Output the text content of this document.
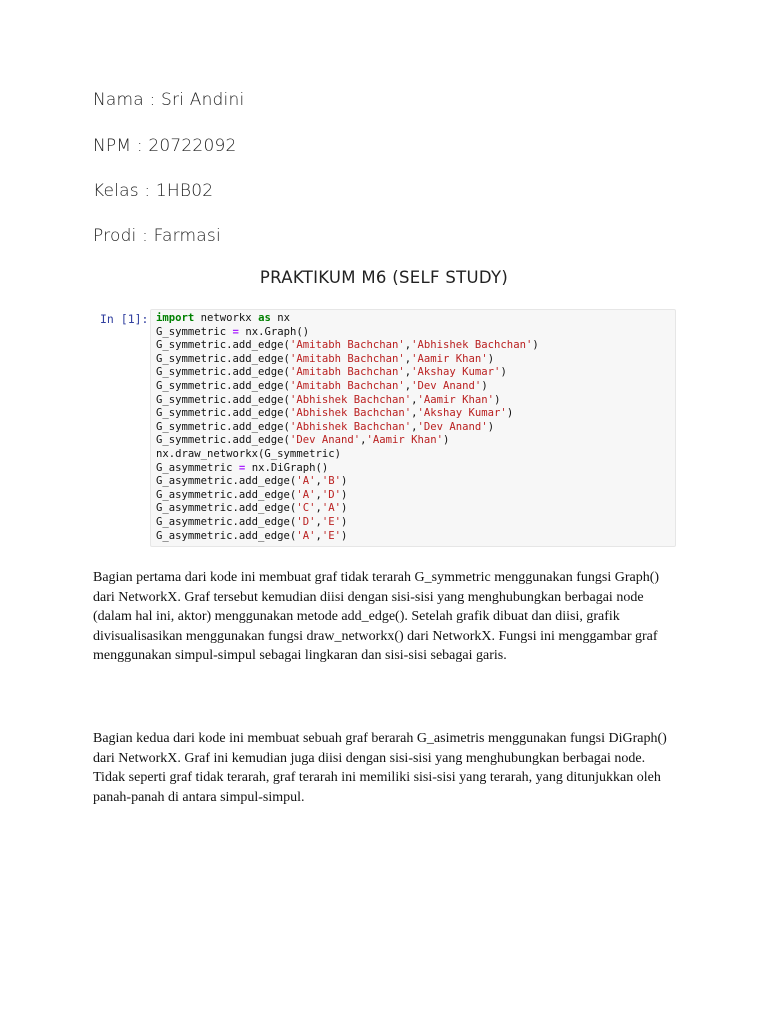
Nama : Sri Andini
NPM : 20722092
Kelas : 1HB02
Prodi : Farmasi
PRAKTIKUM M6 (SELF STUDY)
In [1]: import networkx as nx
G_symmetric = nx.Graph()
G_symmetric.add_edge('Amitabh Bachchan','Abhishek Bachchan')
G_symmetric.add_edge('Amitabh Bachchan','Aamir Khan')
G_symmetric.add_edge('Amitabh Bachchan','Akshay Kumar')
G_symmetric.add_edge('Amitabh Bachchan','Dev Anand')
G_symmetric.add_edge('Abhishek Bachchan','Aamir Khan')
G_symmetric.add_edge('Abhishek Bachchan','Akshay Kumar')
G_symmetric.add_edge('Abhishek Bachchan','Dev Anand')
G_symmetric.add_edge('Dev Anand','Aamir Khan')
nx.draw_networkx(G_symmetric)
G_asymmetric = nx.DiGraph()
G_asymmetric.add_edge('A','B')
G_asymmetric.add_edge('A','D')
G_asymmetric.add_edge('C','A')
G_asymmetric.add_edge('D','E')
G_asymmetric.add_edge('A','E')

Bagian pertama dari kode ini membuat graf tidak terarah G_symmetric menggunakan fungsi Graph() dari NetworkX. Graf tersebut kemudian diisi dengan sisi-sisi yang menghubungkan berbagai node (dalam hal ini, aktor) menggunakan metode add_edge(). Setelah grafik dibuat dan diisi, grafik divisualisasikan menggunakan fungsi draw_networkx() dari NetworkX. Fungsi ini menggambar graf menggunakan simpul-simpul sebagai lingkaran dan sisi-sisi sebagai garis.

Bagian kedua dari kode ini membuat sebuah graf berarah G_asimetris menggunakan fungsi DiGraph() dari NetworkX. Graf ini kemudian juga diisi dengan sisi-sisi yang menghubungkan berbagai node. Tidak seperti graf tidak terarah, graf terarah ini memiliki sisi-sisi yang terarah, yang ditunjukkan oleh panah-panah di antara simpul-simpul.
